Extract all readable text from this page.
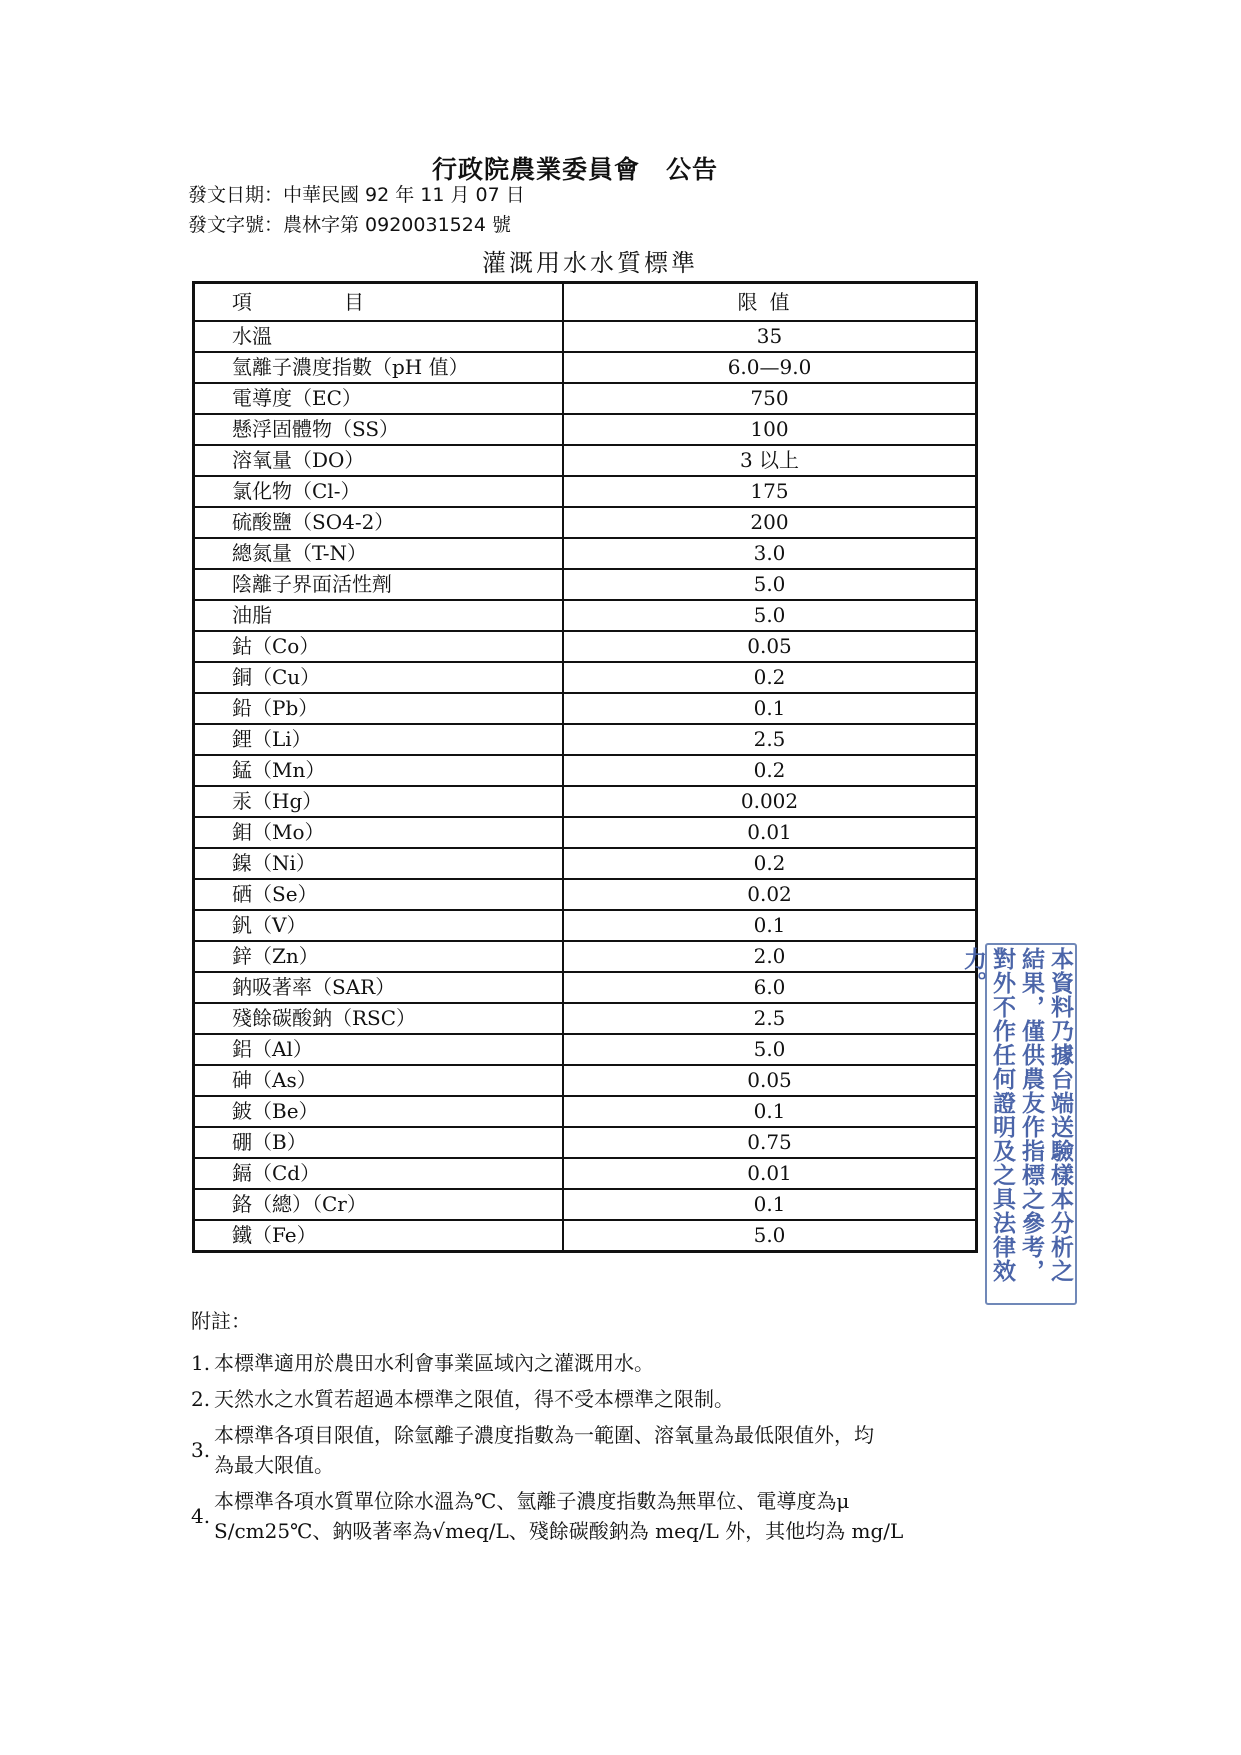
行政院農業委員會　公告
發文日期：中華民國 92 年 11 月 07 日
發文字號：農林字第 0920031524 號
灌溉用水水質標準
項 目	限值
水溫	35
氫離子濃度指數（pH 值）	6.0—9.0
電導度（EC）	750
懸浮固體物（SS）	100
溶氧量（DO）	3 以上
氯化物（Cl-）	175
硫酸鹽（SO4-2）	200
總氮量（T-N）	3.0
陰離子界面活性劑	5.0
油脂	5.0
鈷（Co）	0.05
銅（Cu）	0.2
鉛（Pb）	0.1
鋰（Li）	2.5
錳（Mn）	0.2
汞（Hg）	0.002
鉬（Mo）	0.01
鎳（Ni）	0.2
硒（Se）	0.02
釩（V）	0.1
鋅（Zn）	2.0
鈉吸著率（SAR）	6.0
殘餘碳酸鈉（RSC）	2.5
鋁（Al）	5.0
砷（As）	0.05
鈹（Be）	0.1
硼（B）	0.75
鎘（Cd）	0.01
鉻（總）（Cr）	0.1
鐵（Fe）	5.0	本資料乃據台端送驗樣本分析之結果，僅供農友作指標之參考，對外不作任何證明及之具法律效力。
附註：
1. 本標準適用於農田水利會事業區域內之灌溉用水。
2. 天然水之水質若超過本標準之限值，得不受本標準之限制。
3.
本標準各項目限值，除氫離子濃度指數為一範圍、溶氧量為最低限值外，均
為最大限值。
4.
本標準各項水質單位除水溫為℃、氫離子濃度指數為無單位、電導度為μ
S/cm25℃、鈉吸著率為√meq/L、殘餘碳酸鈉為 meq/L 外，其他均為 mg/L
